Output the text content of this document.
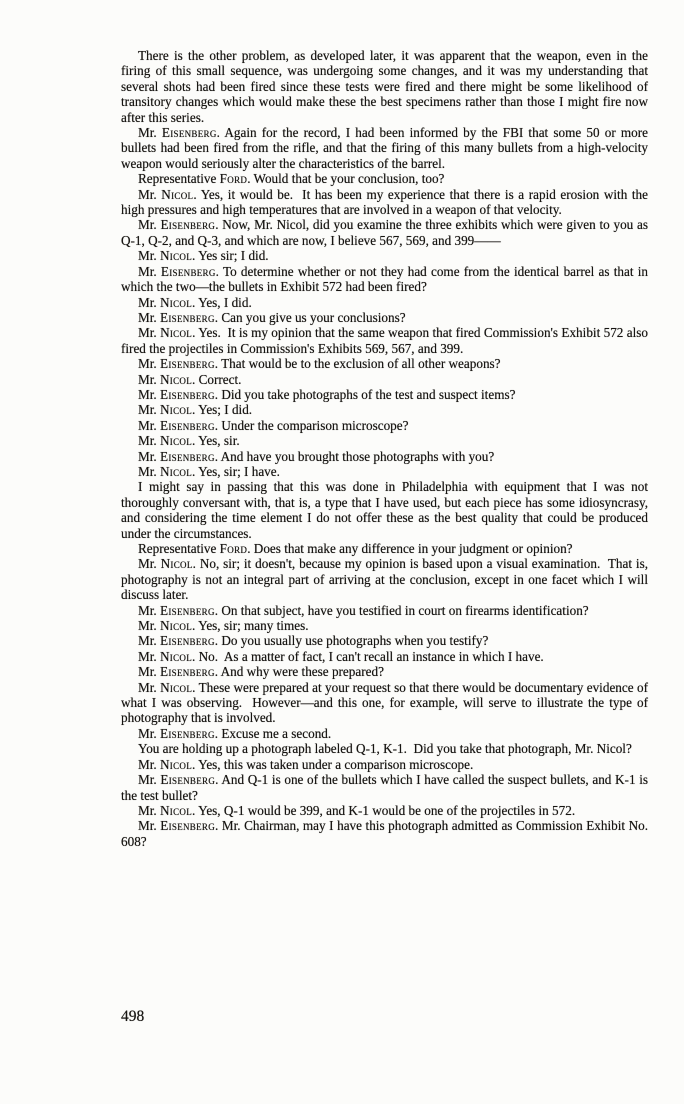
There is the other problem, as developed later, it was apparent that the weapon, even in the firing of this small sequence, was undergoing some changes, and it was my understanding that several shots had been fired since these tests were fired and there might be some likelihood of transitory changes which would make these the best specimens rather than those I might fire now after this series.

Mr. Eisenberg. Again for the record, I had been informed by the FBI that some 50 or more bullets had been fired from the rifle, and that the firing of this many bullets from a high-velocity weapon would seriously alter the characteristics of the barrel.

Representative Ford. Would that be your conclusion, too?

Mr. Nicol. Yes, it would be.  It has been my experience that there is a rapid erosion with the high pressures and high temperatures that are involved in a weapon of that velocity.

Mr. Eisenberg. Now, Mr. Nicol, did you examine the three exhibits which were given to you as Q-1, Q-2, and Q-3, and which are now, I believe 567, 569, and 399——

Mr. Nicol. Yes sir; I did.

Mr. Eisenberg. To determine whether or not they had come from the identical barrel as that in which the two—the bullets in Exhibit 572 had been fired?

Mr. Nicol. Yes, I did.

Mr. Eisenberg. Can you give us your conclusions?

Mr. Nicol. Yes.  It is my opinion that the same weapon that fired Commission's Exhibit 572 also fired the projectiles in Commission's Exhibits 569, 567, and 399.

Mr. Eisenberg. That would be to the exclusion of all other weapons?

Mr. Nicol. Correct.

Mr. Eisenberg. Did you take photographs of the test and suspect items?

Mr. Nicol. Yes; I did.

Mr. Eisenberg. Under the comparison microscope?

Mr. Nicol. Yes, sir.

Mr. Eisenberg. And have you brought those photographs with you?

Mr. Nicol. Yes, sir; I have.

I might say in passing that this was done in Philadelphia with equipment that I was not thoroughly conversant with, that is, a type that I have used, but each piece has some idiosyncrasy, and considering the time element I do not offer these as the best quality that could be produced under the circumstances.

Representative Ford. Does that make any difference in your judgment or opinion?

Mr. Nicol. No, sir; it doesn't, because my opinion is based upon a visual examination.  That is, photography is not an integral part of arriving at the conclusion, except in one facet which I will discuss later.

Mr. Eisenberg. On that subject, have you testified in court on firearms identification?

Mr. Nicol. Yes, sir; many times.

Mr. Eisenberg. Do you usually use photographs when you testify?

Mr. Nicol. No.  As a matter of fact, I can't recall an instance in which I have.

Mr. Eisenberg. And why were these prepared?

Mr. Nicol. These were prepared at your request so that there would be documentary evidence of what I was observing.  However—and this one, for example, will serve to illustrate the type of photography that is involved.

Mr. Eisenberg. Excuse me a second.

You are holding up a photograph labeled Q-1, K-1.  Did you take that photograph, Mr. Nicol?

Mr. Nicol. Yes, this was taken under a comparison microscope.

Mr. Eisenberg. And Q-1 is one of the bullets which I have called the suspect bullets, and K-1 is the test bullet?

Mr. Nicol. Yes, Q-1 would be 399, and K-1 would be one of the projectiles in 572.

Mr. Eisenberg. Mr. Chairman, may I have this photograph admitted as Commission Exhibit No. 608?

498
